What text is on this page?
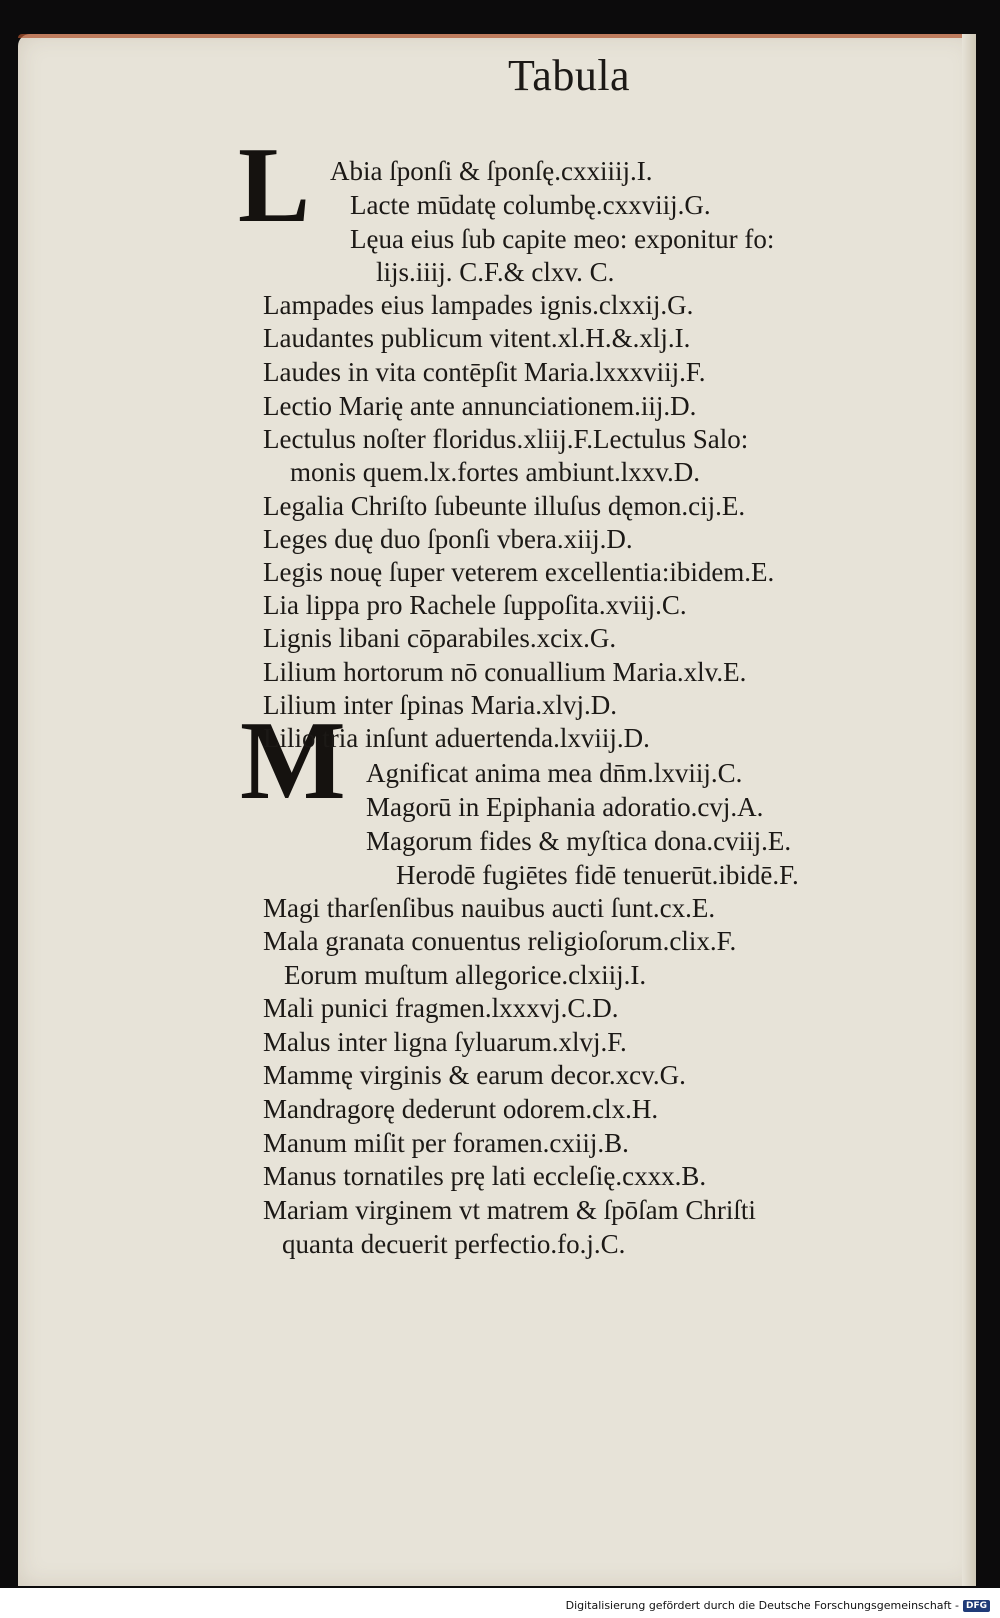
Tabula
L
M
Abia ſponſi & ſponſę.cxxiiij.I.
Lacte mūdatę columbę.cxxviij.G.
Lęua eius ſub capite meo: exponitur fo:
lijs.iiij. C.F.& clxv. C.
Lampades eius lampades ignis.clxxij.G.
Laudantes publicum vitent.xl.H.&.xlj.I.
Laudes in vita contēpſit Maria.lxxxviij.F.
Lectio Marię ante annunciationem.iij.D.
Lectulus noſter floridus.xliij.F.Lectulus Salo:
monis quem.lx.fortes ambiunt.lxxv.D.
Legalia Chriſto ſubeunte illuſus dęmon.cij.E.
Leges duę duo ſponſi vbera.xiij.D.
Legis nouę ſuper veterem excellentia:ibidem.E.
Lia lippa pro Rachele ſuppoſita.xviij.C.
Lignis libani cōparabiles.xcix.G.
Lilium hortorum nō conuallium Maria.xlv.E.
Lilium inter ſpinas Maria.xlvj.D.
Lilio tria inſunt aduertenda.lxviij.D.
Agnificat anima mea dn̄m.lxviij.C.
Magorū in Epiphania adoratio.cvj.A.
Magorum fides & myſtica dona.cviij.E.
Herodē fugiētes fidē tenuerūt.ibidē.F.
Magi tharſenſibus nauibus aucti ſunt.cx.E.
Mala granata conuentus religioſorum.clix.F.
Eorum muſtum allegorice.clxiij.I.
Mali punici fragmen.lxxxvj.C.D.
Malus inter ligna ſyluarum.xlvj.F.
Mammę virginis & earum decor.xcv.G.
Mandragorę dederunt odorem.clx.H.
Manum miſit per foramen.cxiij.B.
Manus tornatiles prę lati eccleſię.cxxx.B.
Mariam virginem vt matrem & ſpōſam Chriſti
quanta decuerit perfectio.fo.j.C.
Digitalisierung gefördert durch die Deutsche Forschungsgemeinschaft - DFG
